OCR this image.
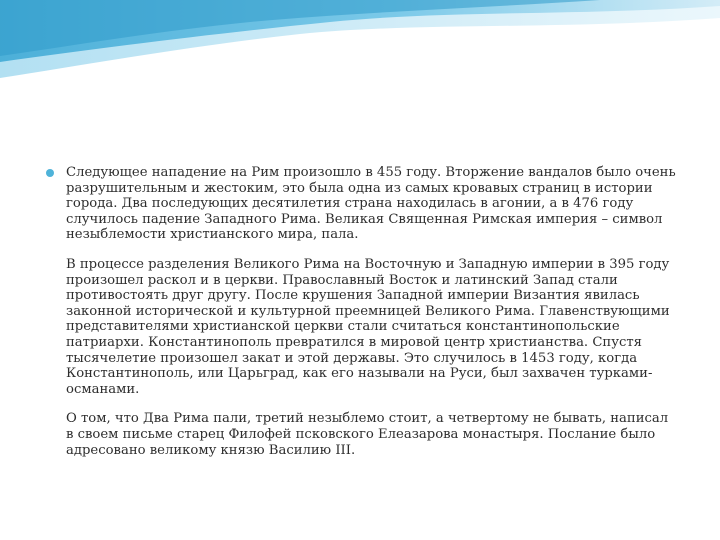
Следующее нападение на Рим произошло в 455 году. Вторжение вандалов было очень разрушительным и жестоким, это была одна из самых кровавых страниц в истории города. Два последующих десятилетия страна находилась в агонии, а в 476 году случилось падение Западного Рима. Великая Священная Римская империя – символ незыблемости христианского мира, пала.
В процессе разделения Великого Рима на Восточную и Западную империи в 395 году произошел раскол и в церкви. Православный Восток и латинский Запад стали противостоять друг другу. После крушения Западной империи Византия явилась законной исторической и культурной преемницей Великого Рима. Главенствующими представителями христианской церкви стали считаться константинопольские патриархи. Константинополь превратился в мировой центр христианства. Спустя тысячелетие произошел закат и этой державы. Это случилось в 1453 году, когда Константинополь, или Царьград, как его называли на Руси, был захвачен турками-османами.
О том, что Два Рима пали, третий незыблемо стоит, а четвертому не бывать, написал в своем письме старец Филофей псковского Елеазарова монастыря. Послание было адресовано великому князю Василию III.
